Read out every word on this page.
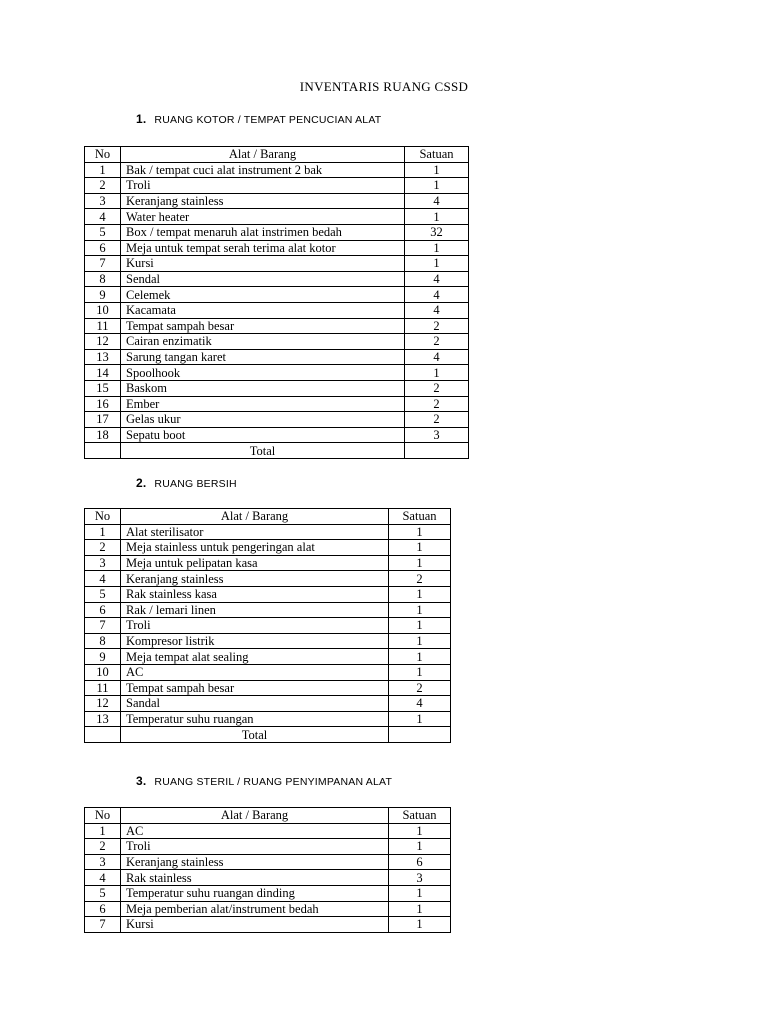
INVENTARIS RUANG CSSD
1. RUANG KOTOR / TEMPAT PENCUCIAN ALAT
No	Alat / Barang	Satuan
1	Bak / tempat cuci alat instrument 2 bak	1
2	Troli	1
3	Keranjang stainless	4
4	Water heater	1
5	Box / tempat menaruh alat instrimen bedah	32
6	Meja untuk tempat serah terima alat kotor	1
7	Kursi	1
8	Sendal	4
9	Celemek	4
10	Kacamata	4
11	Tempat sampah besar	2
12	Cairan enzimatik	2
13	Sarung tangan karet	4
14	Spoolhook	1
15	Baskom	2
16	Ember	2
17	Gelas ukur	2
18	Sepatu boot	3
	Total	
2. RUANG BERSIH
No	Alat / Barang	Satuan
1	Alat sterilisator	1
2	Meja stainless untuk pengeringan alat	1
3	Meja untuk pelipatan kasa	1
4	Keranjang stainless	2
5	Rak stainless kasa	1
6	Rak / lemari linen	1
7	Troli	1
8	Kompresor listrik	1
9	Meja tempat alat sealing	1
10	AC	1
11	Tempat sampah besar	2
12	Sandal	4
13	Temperatur suhu ruangan	1
	Total	
3. RUANG STERIL / RUANG PENYIMPANAN ALAT
No	Alat / Barang	Satuan
1	AC	1
2	Troli	1
3	Keranjang stainless	6
4	Rak stainless	3
5	Temperatur suhu ruangan dinding	1
6	Meja pemberian alat/instrument bedah	1
7	Kursi	1
